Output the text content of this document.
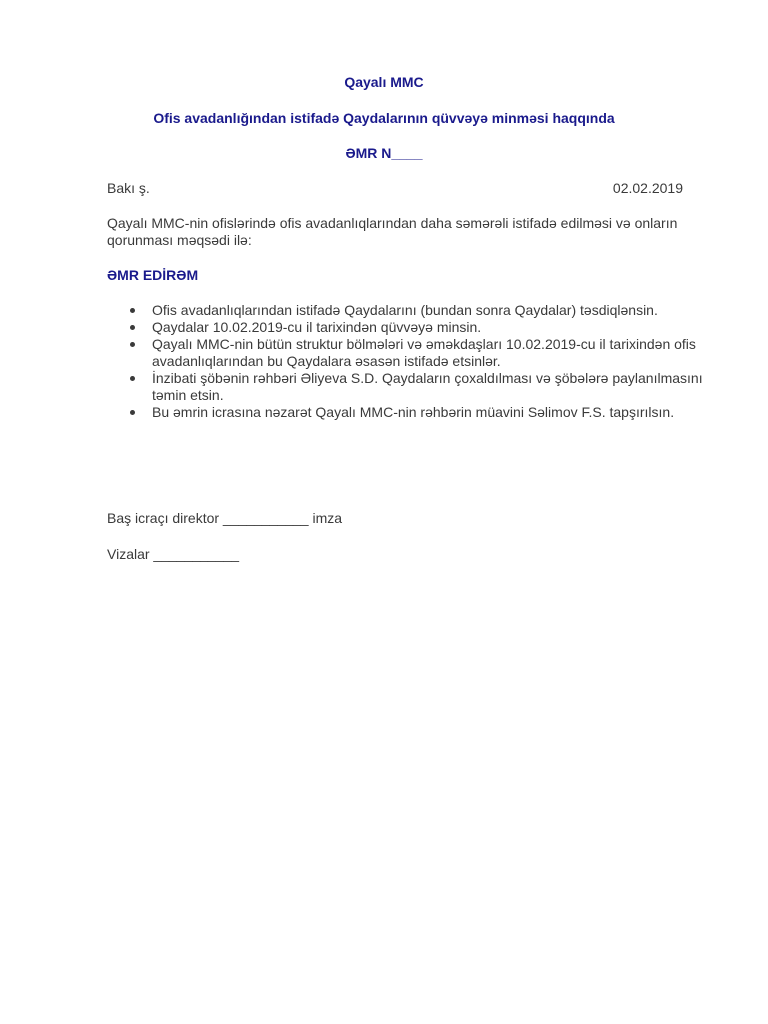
Qayalı MMC
Ofis avadanlığından istifadə Qaydalarının qüvvəyə minməsi haqqında
ƏMR N____
Bakı ş.	02.02.2019

Qayalı MMC-nin ofislərində ofis avadanlıqlarından daha səmərəli istifadə edilməsi və onların qorunması məqsədi ilə:

ƏMR EDİRƏM
Ofis avadanlıqlarından istifadə Qaydalarını (bundan sonra Qaydalar) təsdiqlənsin.
Qaydalar 10.02.2019-cu il tarixindən qüvvəyə minsin.
Qayalı MMC-nin bütün struktur bölmələri və əməkdaşları 10.02.2019-cu il tarixindən ofis avadanlıqlarından bu Qaydalara əsasən istifadə etsinlər.
İnzibati şöbənin rəhbəri Əliyeva S.D. Qaydaların çoxaldılması və şöbələrə paylanılmasını təmin etsin.
Bu əmrin icrasına nəzarət Qayalı MMC-nin rəhbərin müavini Səlimov F.S. tapşırılsın.
Baş icraçı direktor ___________ imza
Vizalar ___________
